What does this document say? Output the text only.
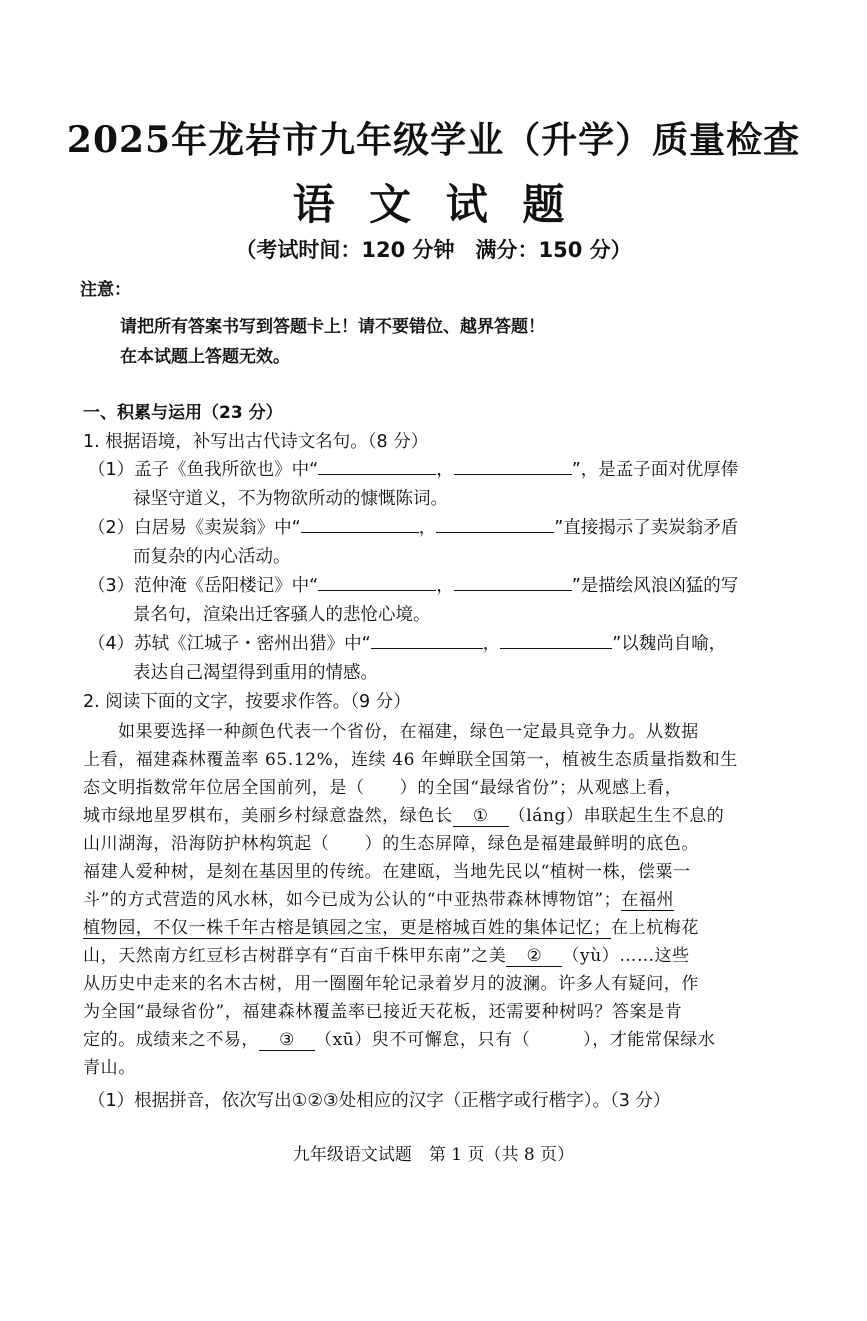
2025年龙岩市九年级学业（升学）质量检查
语 文 试 题
（考试时间：120 分钟　满分：150 分）
注意：
请把所有答案书写到答题卡上！请不要错位、越界答题！
在本试题上答题无效。
一、积累与运用（23 分）
1. 根据语境，补写出古代诗文名句。（8 分）
（1）孟子《鱼我所欲也》中“	，	”，是孟子面对优厚俸
禄坚守道义，不为物欲所动的慷慨陈词。
（2）白居易《卖炭翁》中“	，	”直接揭示了卖炭翁矛盾
而复杂的内心活动。
（3）范仲淹《岳阳楼记》中“	，	”是描绘风浪凶猛的写
景名句，渲染出迁客骚人的悲怆心境。
（4）苏轼《江城子・密州出猎》中“	，	”以魏尚自喻，
表达自己渴望得到重用的情感。
2. 阅读下面的文字，按要求作答。（9 分）
如果要选择一种颜色代表一个省份，在福建，绿色一定最具竞争力。从数据
上看，福建森林覆盖率 65.12%，连续 46 年蝉联全国第一，植被生态质量指数和生
态文明指数常年位居全国前列，是（　　）的全国“最绿省份”；从观感上看，
城市绿地星罗棋布，美丽乡村绿意盎然，绿色长 ① （láng）串联起生生不息的
山川湖海，沿海防护林构筑起（　　）的生态屏障，绿色是福建最鲜明的底色。
福建人爱种树，是刻在基因里的传统。在建瓯，当地先民以“植树一株，偿粟一
斗”的方式营造的风水林，如今已成为公认的“中亚热带森林博物馆”；在福州
植物园，不仅一株千年古榕是镇园之宝，更是榕城百姓的集体记忆；在上杭梅花
山，天然南方红豆杉古树群享有“百亩千株甲东南”之美 ② （yù）……这些
从历史中走来的名木古树，用一圈圈年轮记录着岁月的波澜。许多人有疑问，作
为全国“最绿省份”，福建森林覆盖率已接近天花板，还需要种树吗？答案是肯
定的。成绩来之不易， ③ （xū）臾不可懈怠，只有（　　　），才能常保绿水
青山。
（1）根据拼音，依次写出①②③处相应的汉字（正楷字或行楷字）。（3 分）
九年级语文试题　第 1 页（共 8 页）
